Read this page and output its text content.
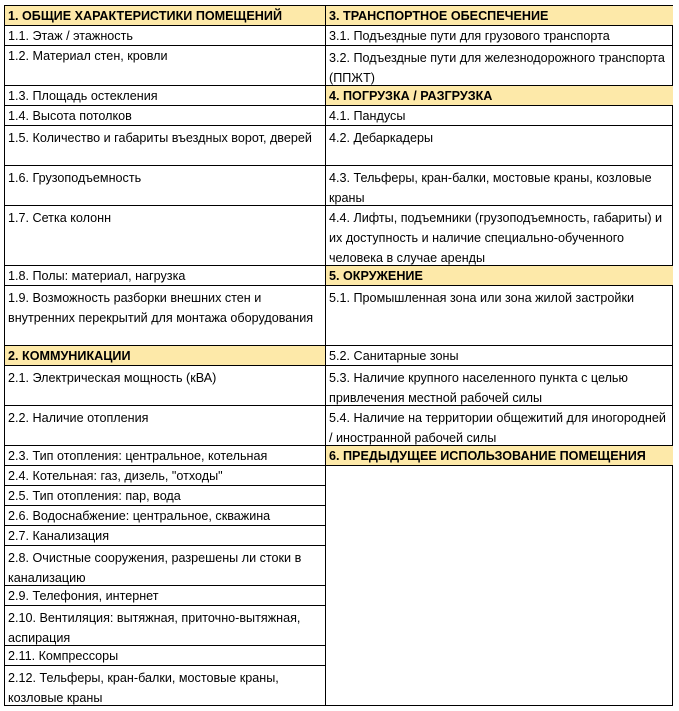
1. ОБЩИЕ ХАРАКТЕРИСТИКИ ПОМЕЩЕНИЙ
1.1. Этаж / этажность
1.2. Материал стен, кровли
1.3. Площадь остекления
1.4. Высота потолков
1.5. Количество и габариты въездных ворот, дверей
1.6. Грузоподъемность
1.7. Сетка колонн
1.8. Полы: материал, нагрузка
1.9. Возможность разборки внешних стен и внутренних перекрытий для монтажа оборудования
2. КОММУНИКАЦИИ
2.1. Электрическая мощность (кВА)
2.2. Наличие отопления
2.3. Тип отопления: центральное, котельная
2.4. Котельная: газ, дизель, "отходы"
2.5. Тип отопления: пар, вода
2.6. Водоснабжение: центральное, скважина
2.7. Канализация
2.8. Очистные сооружения, разрешены ли стоки в канализацию
2.9. Телефония, интернет
2.10. Вентиляция: вытяжная, приточно-вытяжная, аспирация
2.11. Компрессоры
2.12. Тельферы, кран-балки, мостовые краны, козловые краны
3. ТРАНСПОРТНОЕ ОБЕСПЕЧЕНИЕ
3.1. Подъездные пути для грузового транспорта
3.2. Подъездные пути для железнодорожного транспорта (ППЖТ)
4. ПОГРУЗКА / РАЗГРУЗКА
4.1. Пандусы
4.2. Дебаркадеры
4.3. Тельферы, кран-балки, мостовые краны, козловые краны
4.4. Лифты, подъемники (грузоподъемность, габариты) и их доступность и наличие специально-обученного человека в случае аренды
5. ОКРУЖЕНИЕ
5.1. Промышленная зона или зона жилой застройки
5.2. Санитарные зоны
5.3. Наличие крупного населенного пункта с целью привлечения местной рабочей силы
5.4. Наличие на территории общежитий для иногородней / иностранной рабочей силы
6. ПРЕДЫДУЩЕЕ ИСПОЛЬЗОВАНИЕ ПОМЕЩЕНИЯ
